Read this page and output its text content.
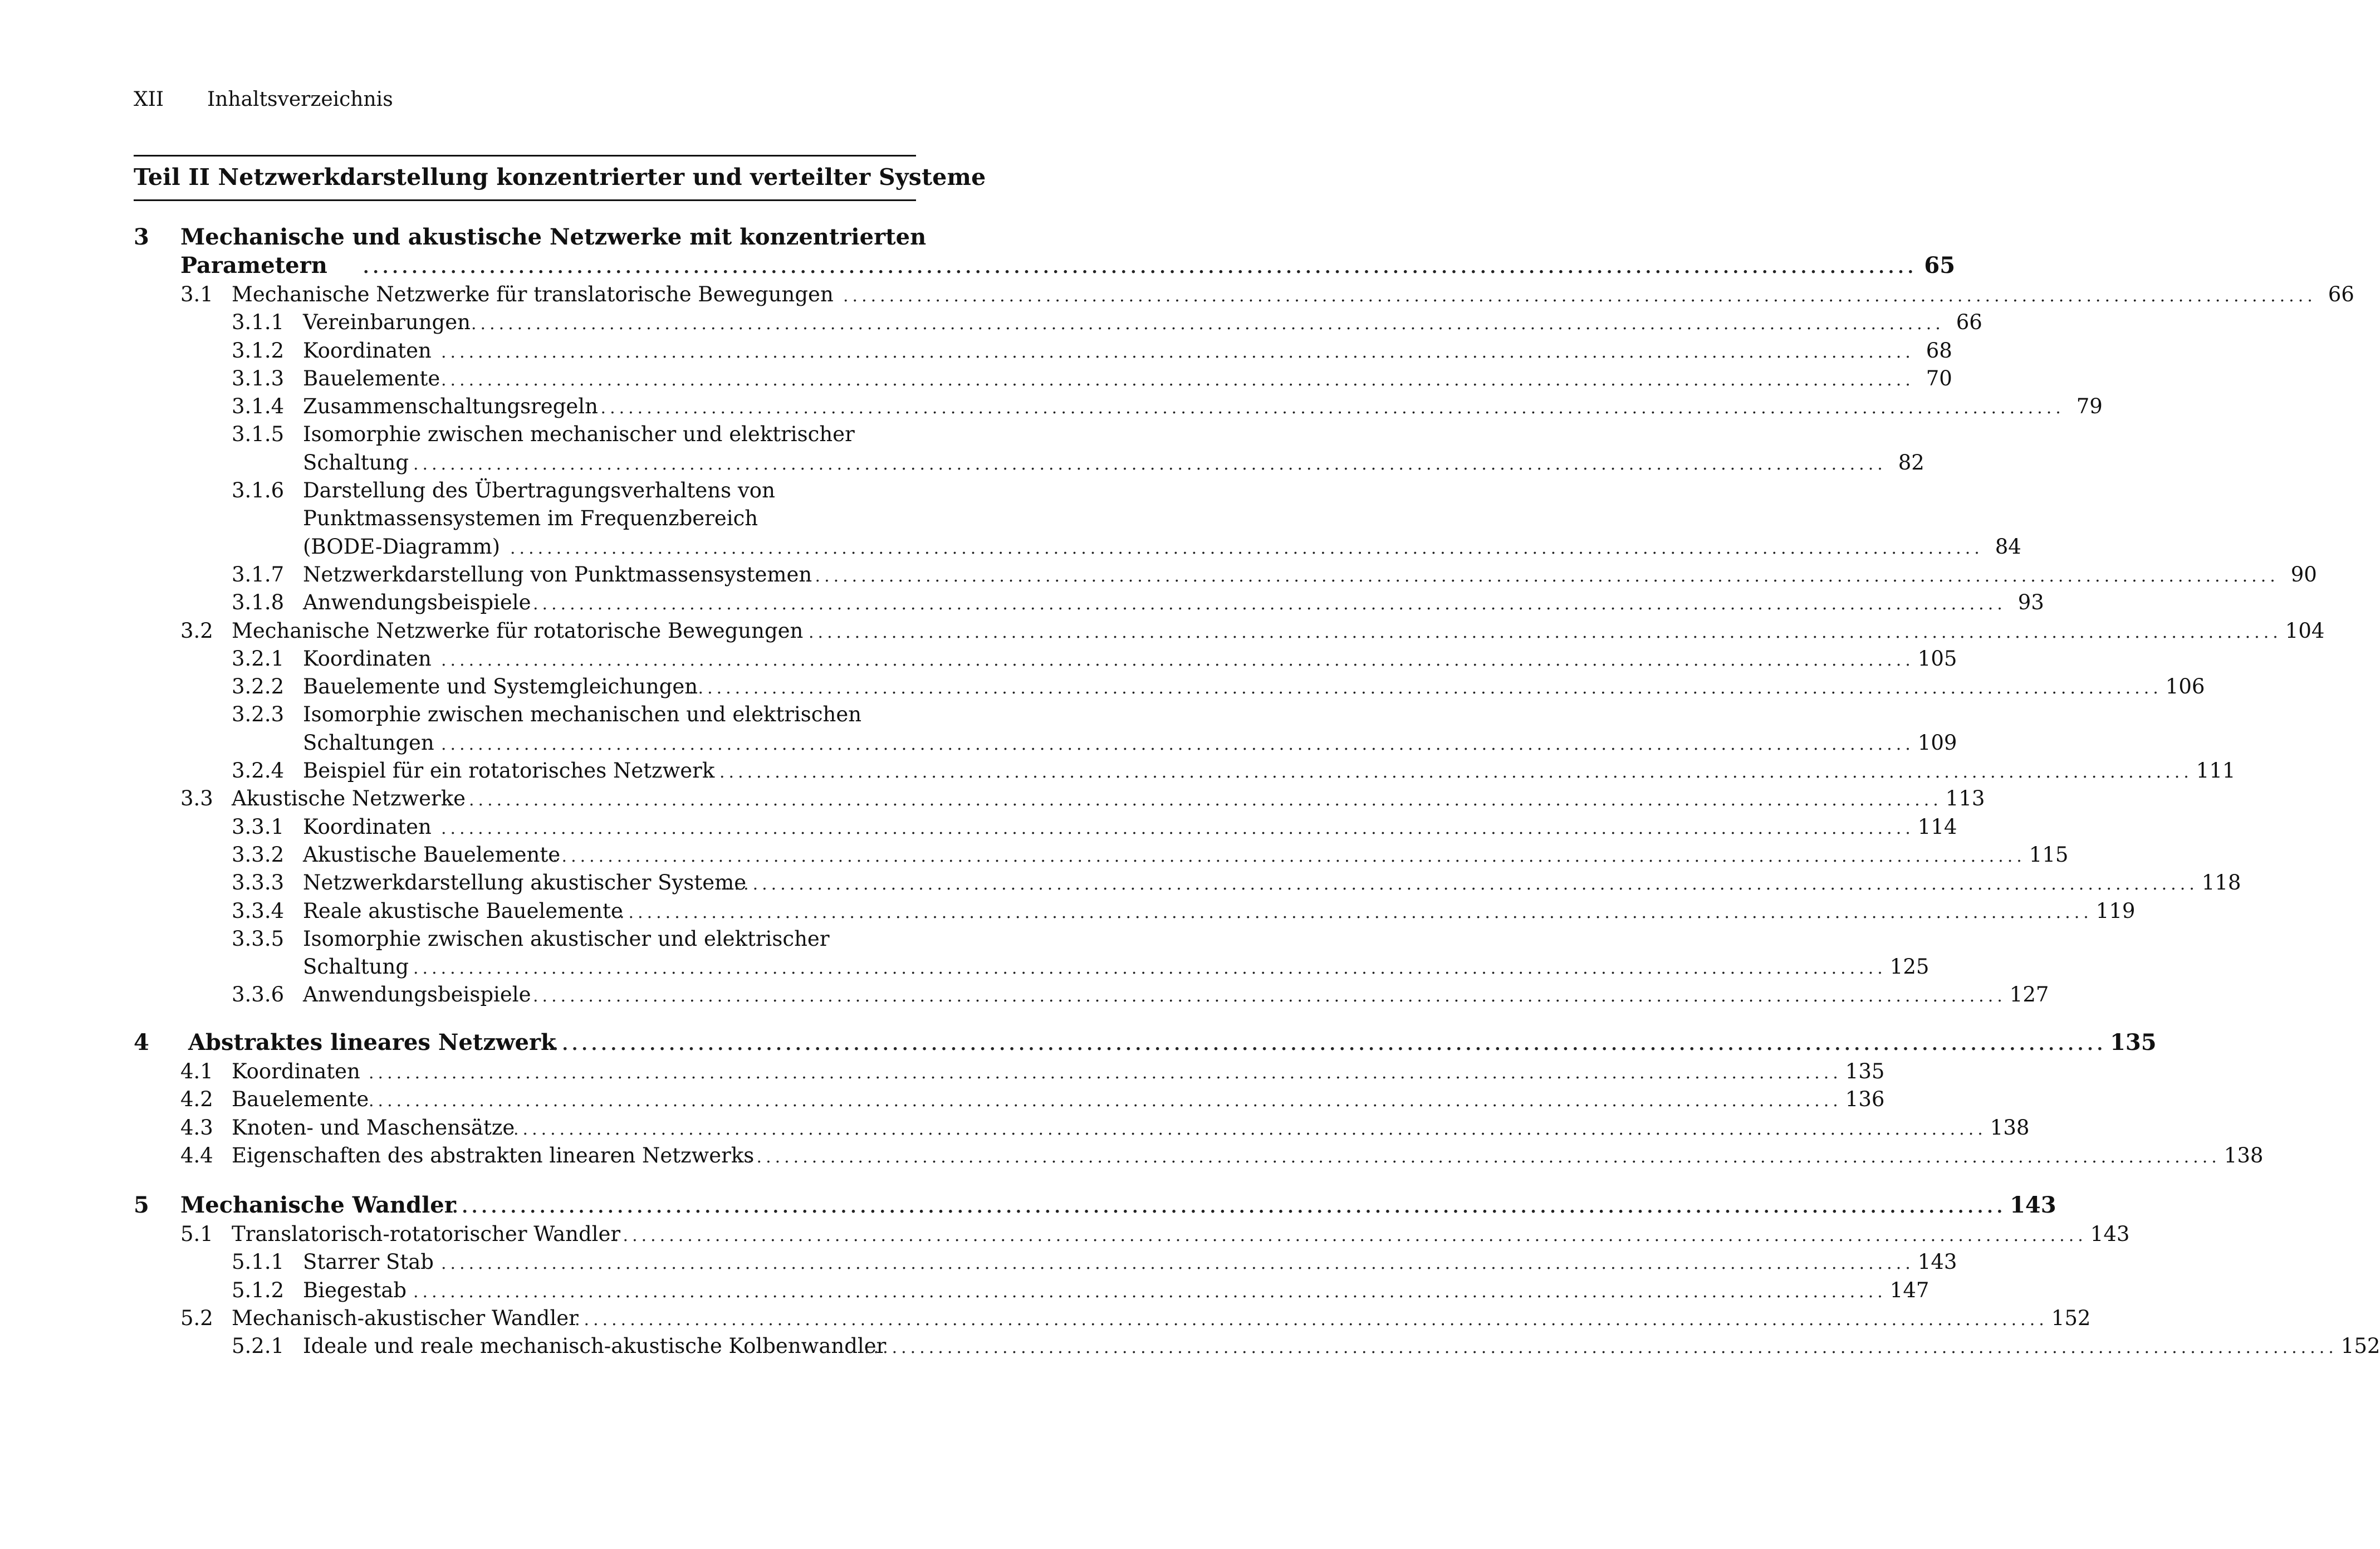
XII Inhaltsverzeichnis
Teil II Netzwerkdarstellung konzentrierter und verteilter Systeme
3 Mechanische und akustische Netzwerke mit konzentrierten
Parametern	................................................................................................................................................................ 65
3.1 Mechanische Netzwerke für translatorische Bewegungen ................................................................................................................................................................ 66
3.1.1 Vereinbarungen ................................................................................................................................................................ 66
3.1.2 Koordinaten ................................................................................................................................................................ 68
3.1.3 Bauelemente ................................................................................................................................................................ 70
3.1.4 Zusammenschaltungsregeln
................................................................................................................................................................ 79
3.1.5 Isomorphie zwischen mechanischer und elektrischer
Schaltung ................................................................................................................................................................ 82
3.1.6 Darstellung des Übertragungsverhaltens von
Punktmassensystemen im Frequenzbereich
(BODE-Diagramm) ................................................................................................................................................................ 84
3.1.7 Netzwerkdarstellung von Punktmassensystemen
................................................................................................................................................................ 90
3.1.8 Anwendungsbeispiele ................................................................................................................................................................ 93
3.2 Mechanische Netzwerke für rotatorische Bewegungen ................................................................................................................................................................ 104
3.2.1 Koordinaten ................................................................................................................................................................ 105
3.2.2 Bauelemente und Systemgleichungen
................................................................................................................................................................ 106
3.2.3 Isomorphie zwischen mechanischen und elektrischen
Schaltungen ................................................................................................................................................................ 109
3.2.4 Beispiel für ein rotatorisches Netzwerk ................................................................................................................................................................ 111
3.3 Akustische Netzwerke ................................................................................................................................................................ 113
3.3.1 Koordinaten ................................................................................................................................................................ 114
3.3.2 Akustische Bauelemente
................................................................................................................................................................ 115
3.3.3 Netzwerkdarstellung akustischer Systeme
................................................................................................................................................................ 118
3.3.4 Reale akustische Bauelemente
................................................................................................................................................................ 119
3.3.5 Isomorphie zwischen akustischer und elektrischer
Schaltung ................................................................................................................................................................ 125
3.3.6 Anwendungsbeispiele ................................................................................................................................................................ 127
4 Abstraktes lineares Netzwerk
................................................................................................................................................................ 135
4.1 Koordinaten ................................................................................................................................................................ 135
4.2 Bauelemente ................................................................................................................................................................ 136
4.3 Knoten- und Maschensätze
................................................................................................................................................................ 138
4.4 Eigenschaften des abstrakten linearen Netzwerks
................................................................................................................................................................ 138
5 Mechanische Wandler
................................................................................................................................................................ 143
5.1 Translatorisch-rotatorischer Wandler
................................................................................................................................................................ 143
5.1.1 Starrer Stab ................................................................................................................................................................ 143
5.1.2 Biegestab ................................................................................................................................................................ 147
5.2 Mechanisch-akustischer Wandler
................................................................................................................................................................ 152
5.2.1 Ideale und reale mechanisch-akustische Kolbenwandler
................................................................................................................................................................ 152
